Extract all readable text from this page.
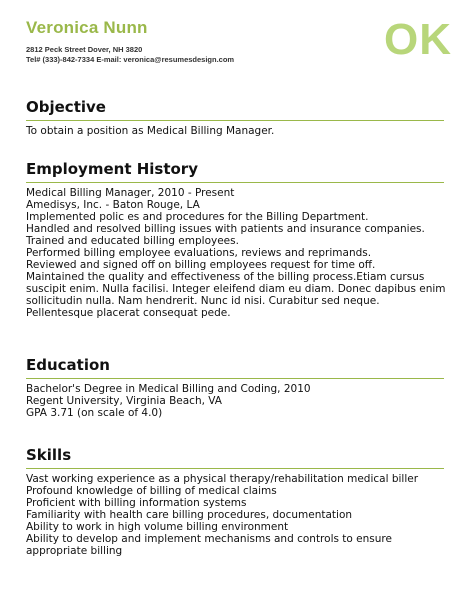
Veronica Nunn
2812 Peck Street Dover, NH 3820
Tel# (333)-842-7334 E-mail: veronica@resumesdesign.com	OK
Objective
To obtain a position as Medical Billing Manager.
Employment History
Medical Billing Manager, 2010 - Present
Amedisys, Inc. - Baton Rouge, LA
Implemented polic es and procedures for the Billing Department.
Handled and resolved billing issues with patients and insurance companies.
Trained and educated billing employees.
Performed billing employee evaluations, reviews and reprimands.
Reviewed and signed off on billing employees request for time off.
Maintained the quality and effectiveness of the billing process.Etiam cursus
suscipit enim. Nulla facilisi. Integer eleifend diam eu diam. Donec dapibus enim
sollicitudin nulla. Nam hendrerit. Nunc id nisi. Curabitur sed neque.
Pellentesque placerat consequat pede.
Education
Bachelor's Degree in Medical Billing and Coding, 2010
Regent University, Virginia Beach, VA
GPA 3.71 (on scale of 4.0)
Skills
Vast working experience as a physical therapy/rehabilitation medical biller
Profound knowledge of billing of medical claims
Proficient with billing information systems
Familiarity with health care billing procedures, documentation
Ability to work in high volume billing environment
Ability to develop and implement mechanisms and controls to ensure
appropriate billing
